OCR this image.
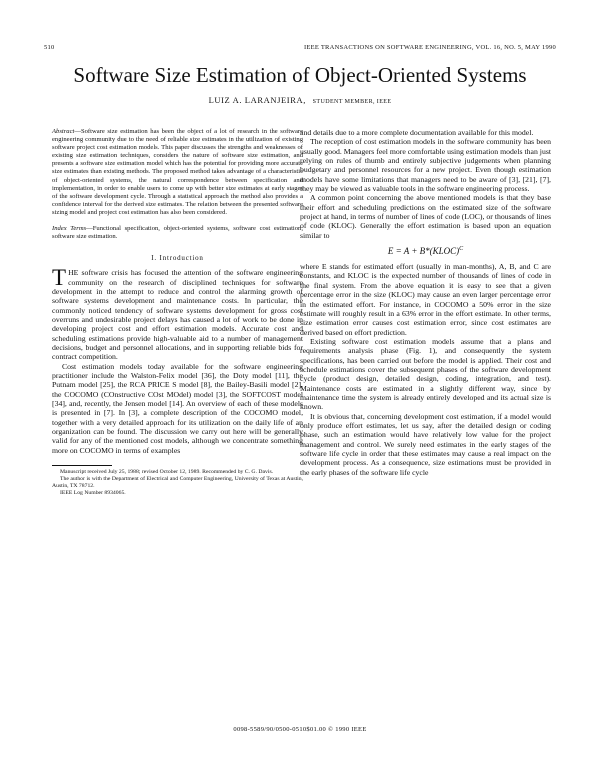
510	IEEE TRANSACTIONS ON SOFTWARE ENGINEERING, VOL. 16, NO. 5, MAY 1990
Software Size Estimation of Object-Oriented Systems
LUIZ A. LARANJEIRA, STUDENT MEMBER, IEEE

Abstract—Software size estimation has been the object of a lot of research in the software engineering community due to the need of reliable size estimates in the utilization of existing software project cost estimation models. This paper discusses the strengths and weaknesses of existing size estimation techniques, considers the nature of software size estimation, and presents a software size estimation model which has the potential for providing more accurate size estimates than existing methods. The proposed method takes advantage of a characteristic of object-oriented systems, the natural correspondence between specification and implementation, in order to enable users to come up with better size estimates at early stages of the software development cycle. Through a statistical approach the method also provides a confidence interval for the derived size estimates. The relation between the presented software sizing model and project cost estimation has also been considered.

Index Terms—Functional specification, object-oriented systems, software cost estimation, software size estimation.

I. Introduction

THE software crisis has focused the attention of the software engineering community on the research of disciplined techniques for software development in the attempt to reduce and control the alarming growth of software systems development and maintenance costs. In particular, the commonly noticed tendency of software systems development for gross cost overruns and undesirable project delays has caused a lot of work to be done in developing project cost and effort estimation models. Accurate cost and scheduling estimations provide high-valuable aid to a number of management decisions, budget and personnel allocations, and in supporting reliable bids for contract competition.

Cost estimation models today available for the software engineering practitioner include the Walston-Felix model [36], the Doty model [11], the Putnam model [25], the RCA PRICE S model [8], the Bailey-Basili model [2], the COCOMO (COnstructive COst MOdel) model [3], the SOFTCOST model [34], and, recently, the Jensen model [14]. An overview of each of these models is presented in [7]. In [3], a complete description of the COCOMO model, together with a very detailed approach for its utilization on the daily life of an organization can be found. The discussion we carry out here will be generally valid for any of the mentioned cost models, although we concentrate something more on COCOMO in terms of examples

Manuscript received July 25, 1988; revised October 12, 1989. Recommended by C. G. Davis.

The author is with the Department of Electrical and Computer Engineering, University of Texas at Austin, Austin, TX 78712.

IEEE Log Number 8934065.

and details due to a more complete documentation available for this model.

The reception of cost estimation models in the software community has been usually good. Managers feel more comfortable using estimation models than just relying on rules of thumb and entirely subjective judgements when planning budgetary and personnel resources for a new project. Even though estimation models have some limitations that managers need to be aware of [3], [21], [7], they may be viewed as valuable tools in the software engineering process.

A common point concerning the above mentioned models is that they base their effort and scheduling predictions on the estimated size of the software project at hand, in terms of number of lines of code (LOC), or thousands of lines of code (KLOC). Generally the effort estimation is based upon an equation similar to

E = A + B*(KLOC)$^C$

where E stands for estimated effort (usually in man-months), A, B, and C are constants, and KLOC is the expected number of thousands of lines of code in the final system. From the above equation it is easy to see that a given percentage error in the size (KLOC) may cause an even larger percentage error in the estimated effort. For instance, in COCOMO a 50% error in the size estimate will roughly result in a 63% error in the effort estimate. In other terms, size estimation error causes cost estimation error, since cost estimates are derived based on effort prediction.

Existing software cost estimation models assume that a plans and requirements analysis phase (Fig. 1), and consequently the system specifications, has been carried out before the model is applied. Their cost and schedule estimations cover the subsequent phases of the software development cycle (product design, detailed design, coding, integration, and test). Maintenance costs are estimated in a slightly different way, since by maintenance time the system is already entirely developed and its actual size is known.

It is obvious that, concerning development cost estimation, if a model would only produce effort estimates, let us say, after the detailed design or coding phase, such an estimation would have relatively low value for the project management and control. We surely need estimates in the early stages of the software life cycle in order that these estimates may cause a real impact on the development process. As a consequence, size estimations must be provided in the early phases of the software life cycle

0098-5589/90/0500-0510$01.00 © 1990 IEEE
